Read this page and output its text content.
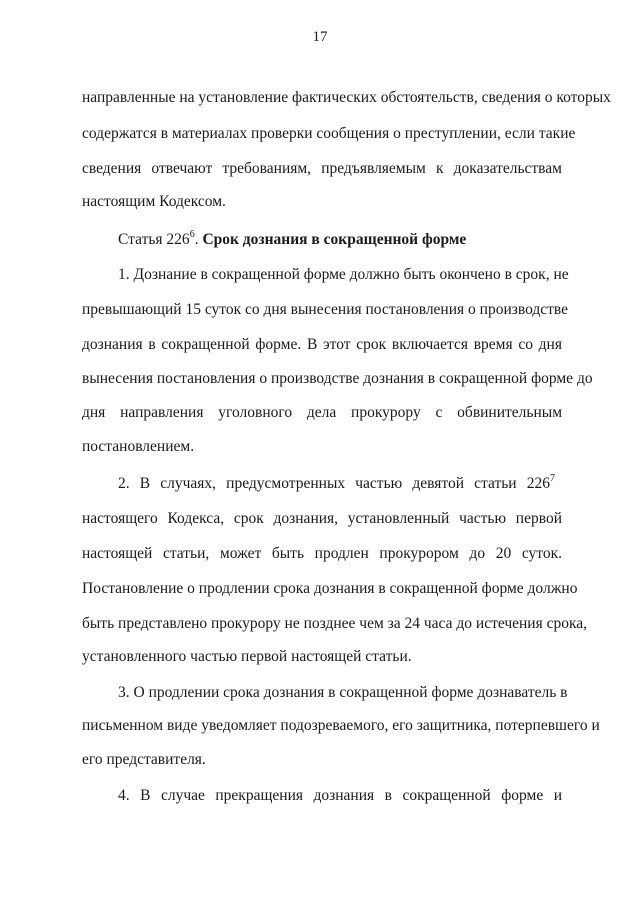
17
направленные на установление фактических обстоятельств, сведения о которых
содержатся в материалах проверки сообщения о преступлении, если такие
сведения отвечают требованиям, предъявляемым к доказательствам
настоящим Кодексом.
Статья $226^6$. Срок дознания в сокращенной форме
1. Дознание в сокращенной форме должно быть окончено в срок, не
превышающий 15 суток со дня вынесения постановления о производстве
дознания в сокращенной форме. В этот срок включается время со дня
вынесения постановления о производстве дознания в сокращенной форме до
дня направления уголовного дела прокурору с обвинительным
постановлением.
2. В случаях, предусмотренных частью девятой статьи $226^7$
настоящего Кодекса, срок дознания, установленный частью первой
настоящей статьи, может быть продлен прокурором до 20 суток.
Постановление о продлении срока дознания в сокращенной форме должно
быть представлено прокурору не позднее чем за 24 часа до истечения срока,
установленного частью первой настоящей статьи.
3. О продлении срока дознания в сокращенной форме дознаватель в
письменном виде уведомляет подозреваемого, его защитника, потерпевшего и
его представителя.
4. В случае прекращения дознания в сокращенной форме и
